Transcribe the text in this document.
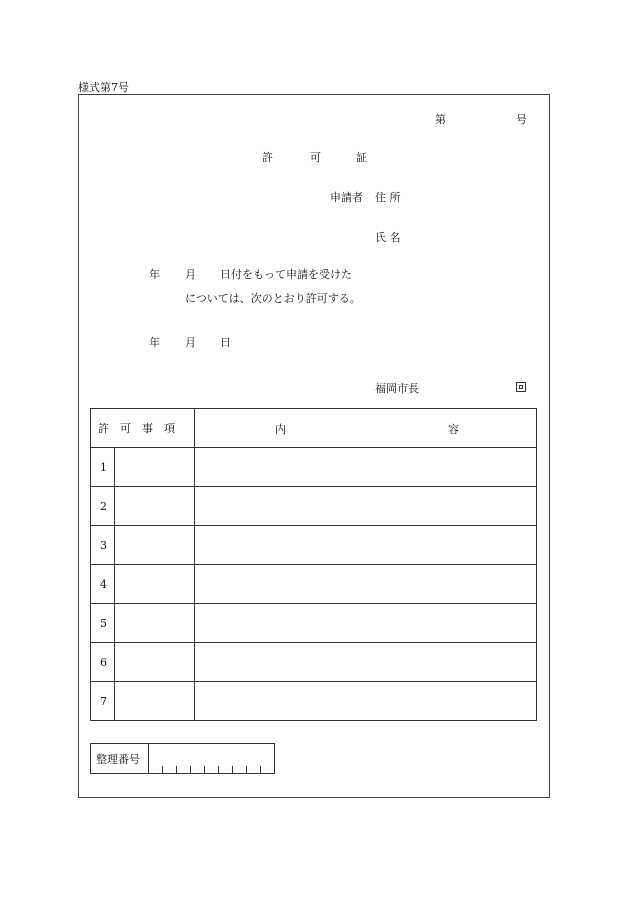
様式第7号
第	号
許	可	証
申請者 住 所
氏 名
年 月 日付をもって申請を受けた
については、次のとおり許可する。
年 月 日
福岡市長
許　可　事　項		内 容

1		
2		
3		
4		
5		
6		
7		
整理番号
